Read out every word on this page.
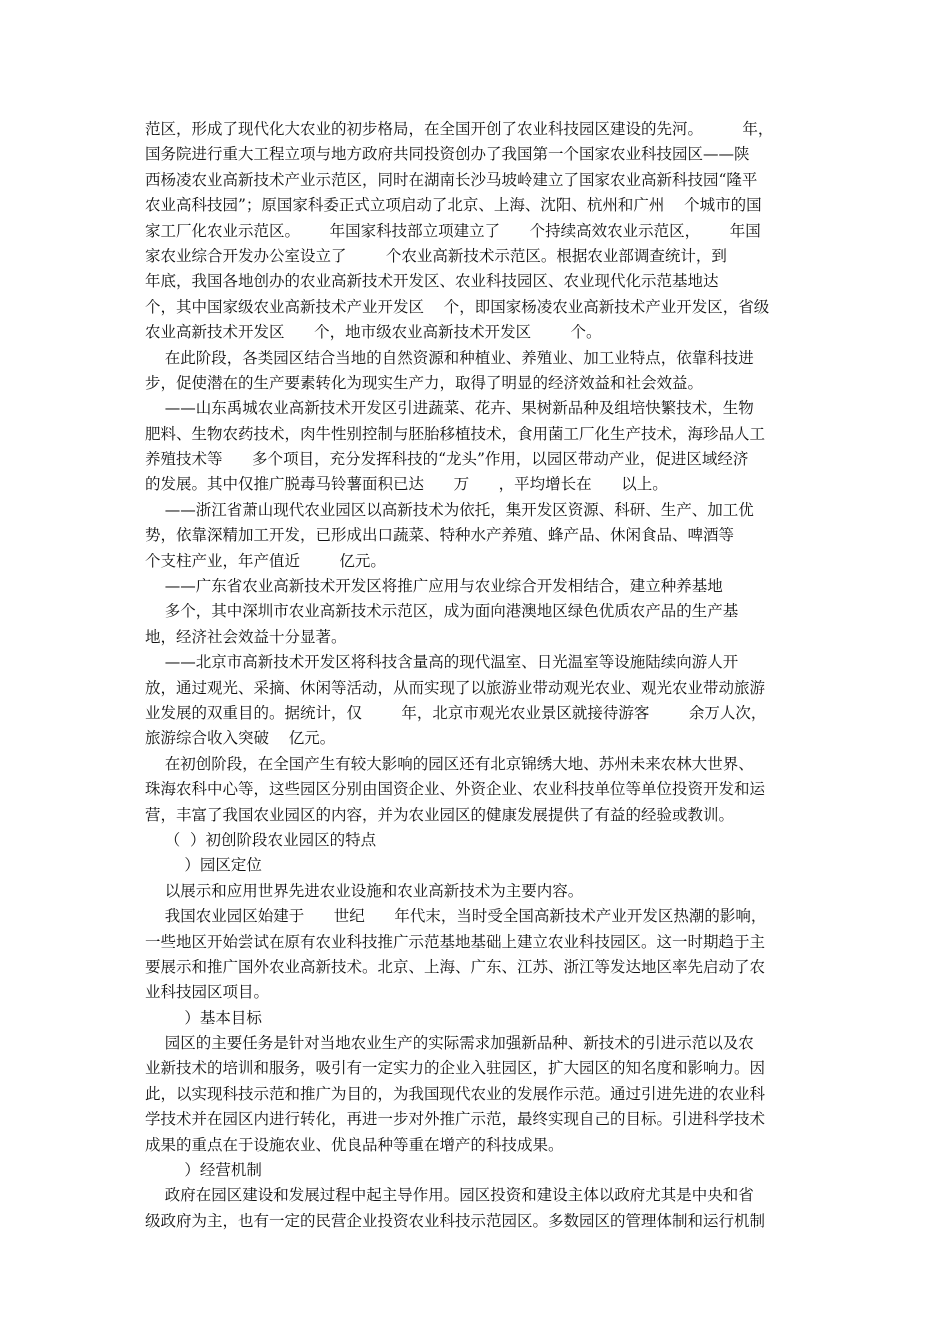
范区，形成了现代化大农业的初步格局，在全国开创了农业科技园区建设的先河。        年，
国务院进行重大工程立项与地方政府共同投资创办了我国第一个国家农业科技园区——陕
西杨凌农业高新技术产业示范区，同时在湖南长沙马坡岭建立了国家农业高新科技园“隆平
农业高科技园”；原国家科委正式立项启动了北京、上海、沈阳、杭州和广州    个城市的国
家工厂化农业示范区。      年国家科技部立项建立了      个持续高效农业示范区，      年国
家农业综合开发办公室设立了        个农业高新技术示范区。根据农业部调查统计，到
年底，我国各地创办的农业高新技术开发区、农业科技园区、农业现代化示范基地达
个，其中国家级农业高新技术产业开发区    个，即国家杨凌农业高新技术产业开发区，省级
农业高新技术开发区      个，地市级农业高新技术开发区        个。
在此阶段，各类园区结合当地的自然资源和种植业、养殖业、加工业特点，依靠科技进
步，促使潜在的生产要素转化为现实生产力，取得了明显的经济效益和社会效益。
——山东禹城农业高新技术开发区引进蔬菜、花卉、果树新品种及组培快繁技术，生物
肥料、生物农药技术，肉牛性别控制与胚胎移植技术，食用菌工厂化生产技术，海珍品人工
养殖技术等      多个项目，充分发挥科技的“龙头”作用，以园区带动产业，促进区域经济
的发展。其中仅推广脱毒马铃薯面积已达      万      ，平均增长在      以上。
——浙江省萧山现代农业园区以高新技术为依托，集开发区资源、科研、生产、加工优
势，依靠深精加工开发，已形成出口蔬菜、特种水产养殖、蜂产品、休闲食品、啤酒等
个支柱产业，年产值近        亿元。
——广东省农业高新技术开发区将推广应用与农业综合开发相结合，建立种养基地
多个，其中深圳市农业高新技术示范区，成为面向港澳地区绿色优质农产品的生产基
地，经济社会效益十分显著。
——北京市高新技术开发区将科技含量高的现代温室、日光温室等设施陆续向游人开
放，通过观光、采摘、休闲等活动，从而实现了以旅游业带动观光农业、观光农业带动旅游
业发展的双重目的。据统计，仅        年，北京市观光农业景区就接待游客        余万人次，
旅游综合收入突破    亿元。
在初创阶段，在全国产生有较大影响的园区还有北京锦绣大地、苏州未来农林大世界、
珠海农科中心等，这些园区分别由国资企业、外资企业、农业科技单位等单位投资开发和运
营，丰富了我国农业园区的内容，并为农业园区的健康发展提供了有益的经验或教训。
（  ）初创阶段农业园区的特点
）园区定位
以展示和应用世界先进农业设施和农业高新技术为主要内容。
我国农业园区始建于      世纪      年代末，当时受全国高新技术产业开发区热潮的影响，
一些地区开始尝试在原有农业科技推广示范基地基础上建立农业科技园区。这一时期趋于主
要展示和推广国外农业高新技术。北京、上海、广东、江苏、浙江等发达地区率先启动了农
业科技园区项目。
）基本目标
园区的主要任务是针对当地农业生产的实际需求加强新品种、新技术的引进示范以及农
业新技术的培训和服务，吸引有一定实力的企业入驻园区，扩大园区的知名度和影响力。因
此，以实现科技示范和推广为目的，为我国现代农业的发展作示范。通过引进先进的农业科
学技术并在园区内进行转化，再进一步对外推广示范，最终实现自己的目标。引进科学技术
成果的重点在于设施农业、优良品种等重在增产的科技成果。
）经营机制
政府在园区建设和发展过程中起主导作用。园区投资和建设主体以政府尤其是中央和省
级政府为主，也有一定的民营企业投资农业科技示范园区。多数园区的管理体制和运行机制
